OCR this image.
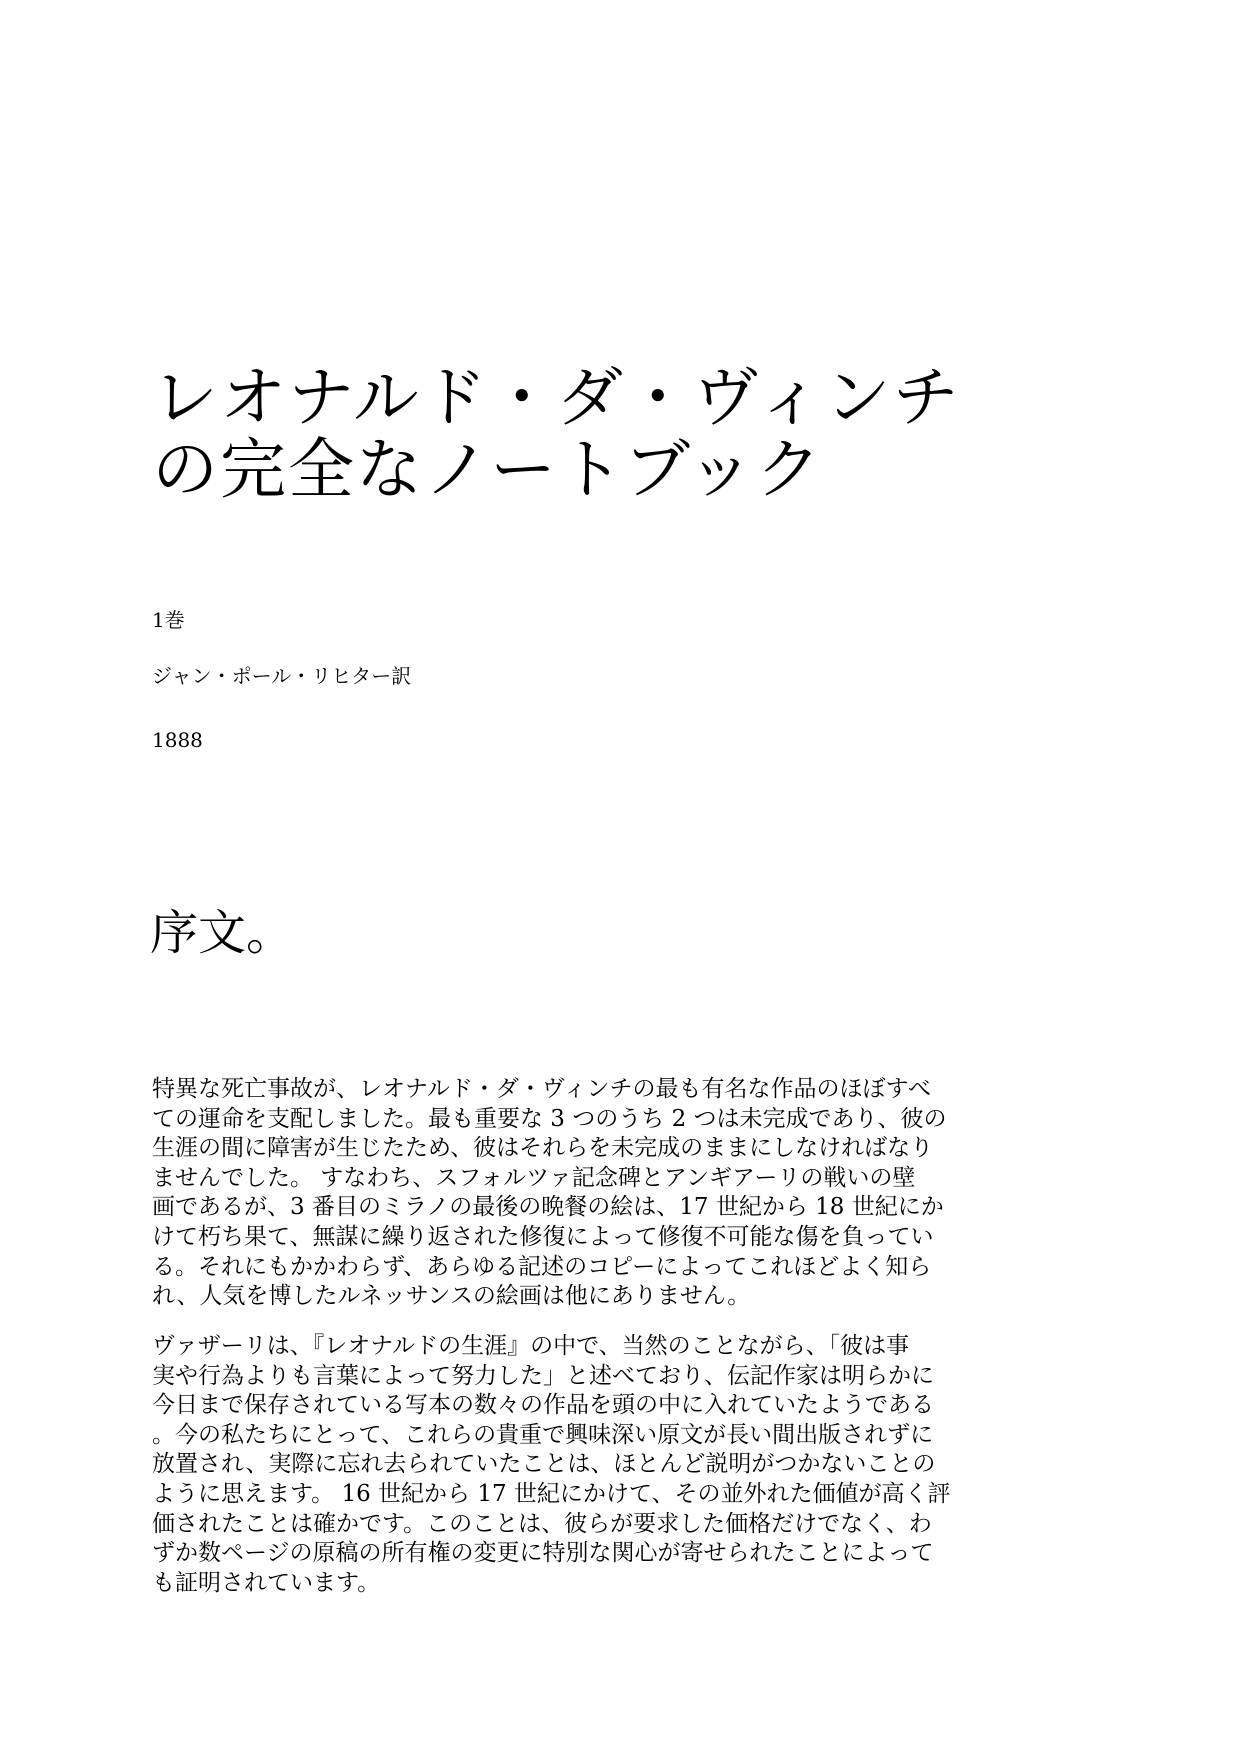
レオナルド・ダ・ヴィンチ
の完全なノートブック

1巻

ジャン・ポール・リヒター訳

1888

序文。
特異な死亡事故が、レオナルド・ダ・ヴィンチの最も有名な作品のほぼすべ
ての運命を支配しました。最も重要な 3 つのうち 2 つは未完成であり、彼の
生涯の間に障害が生じたため、彼はそれらを未完成のままにしなければなり
ませんでした。 すなわち、スフォルツァ記念碑とアンギアーリの戦いの壁
画であるが、3 番目のミラノの最後の晩餐の絵は、17 世紀から 18 世紀にか
けて朽ち果て、無謀に繰り返された修復によって修復不可能な傷を負ってい
る。それにもかかわらず、あらゆる記述のコピーによってこれほどよく知ら
れ、人気を博したルネッサンスの絵画は他にありません。
ヴァザーリは、『レオナルドの生涯』の中で、当然のことながら、「彼は事
実や行為よりも言葉によって努力した」と述べており、伝記作家は明らかに
今日まで保存されている写本の数々の作品を頭の中に入れていたようである
。今の私たちにとって、これらの貴重で興味深い原文が長い間出版されずに
放置され、実際に忘れ去られていたことは、ほとんど説明がつかないことの
ように思えます。 16 世紀から 17 世紀にかけて、その並外れた価値が高く評
価されたことは確かです。このことは、彼らが要求した価格だけでなく、わ
ずか数ページの原稿の所有権の変更に特別な関心が寄せられたことによって
も証明されています。
